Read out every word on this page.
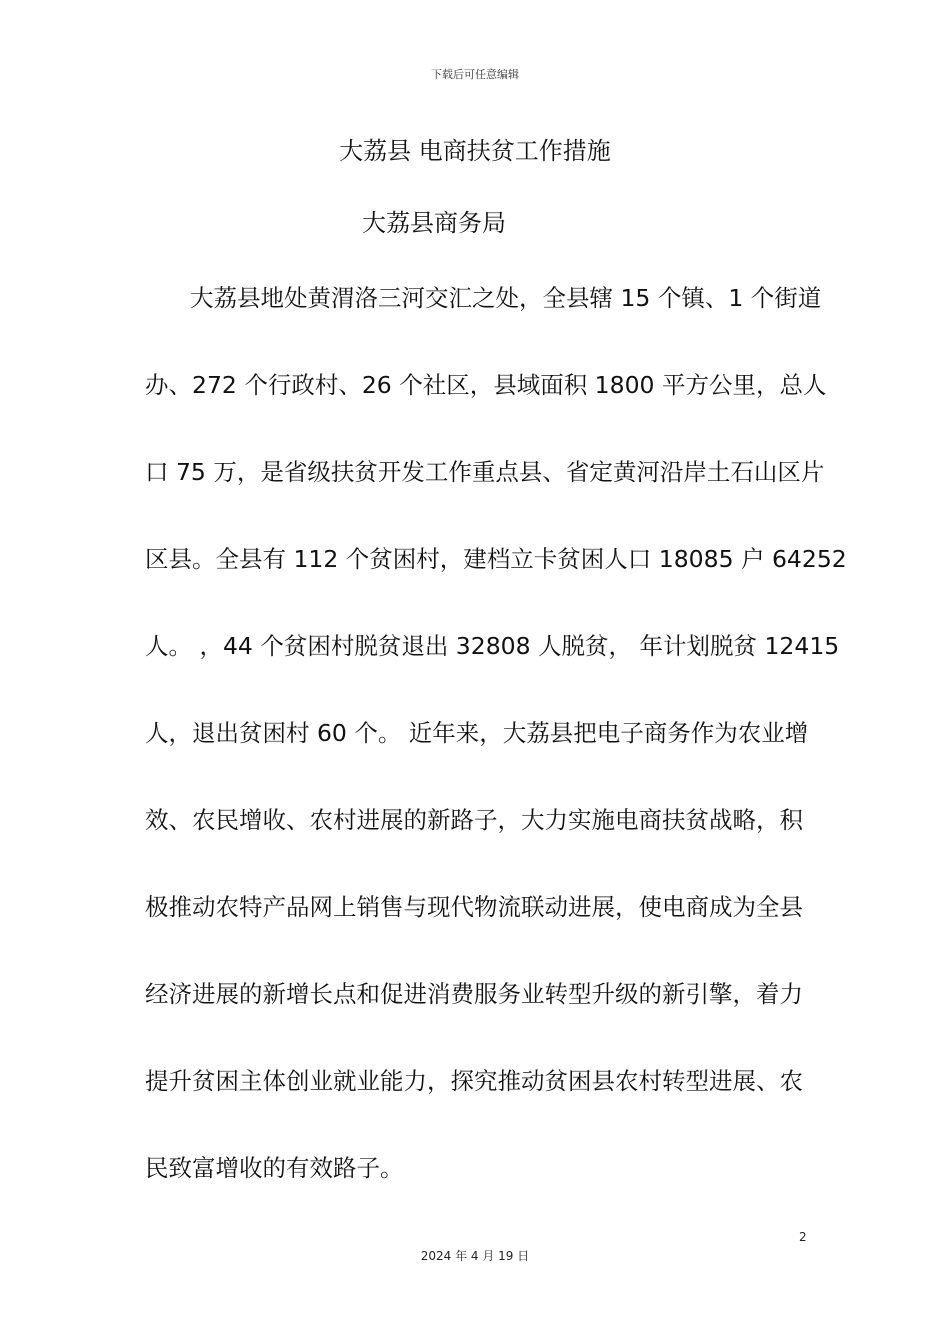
下载后可任意编辑
大荔县 电商扶贫工作措施
大荔县商务局
大荔县地处黄渭洛三河交汇之处，全县辖 15 个镇、1 个街道
办、272 个行政村、26 个社区，县域面积 1800 平方公里，总人
口 75 万，是省级扶贫开发工作重点县、省定黄河沿岸土石山区片
区县。全县有 112 个贫困村，建档立卡贫困人口 18085 户 64252
人。 ，44 个贫困村脱贫退出 32808 人脱贫， 年计划脱贫 12415
人，退出贫困村 60 个。 近年来，大荔县把电子商务作为农业增
效、农民增收、农村进展的新路子，大力实施电商扶贫战略，积
极推动农特产品网上销售与现代物流联动进展，使电商成为全县
经济进展的新增长点和促进消费服务业转型升级的新引擎，着力
提升贫困主体创业就业能力，探究推动贫困县农村转型进展、农
民致富增收的有效路子。
2
2024 年 4 月 19 日
